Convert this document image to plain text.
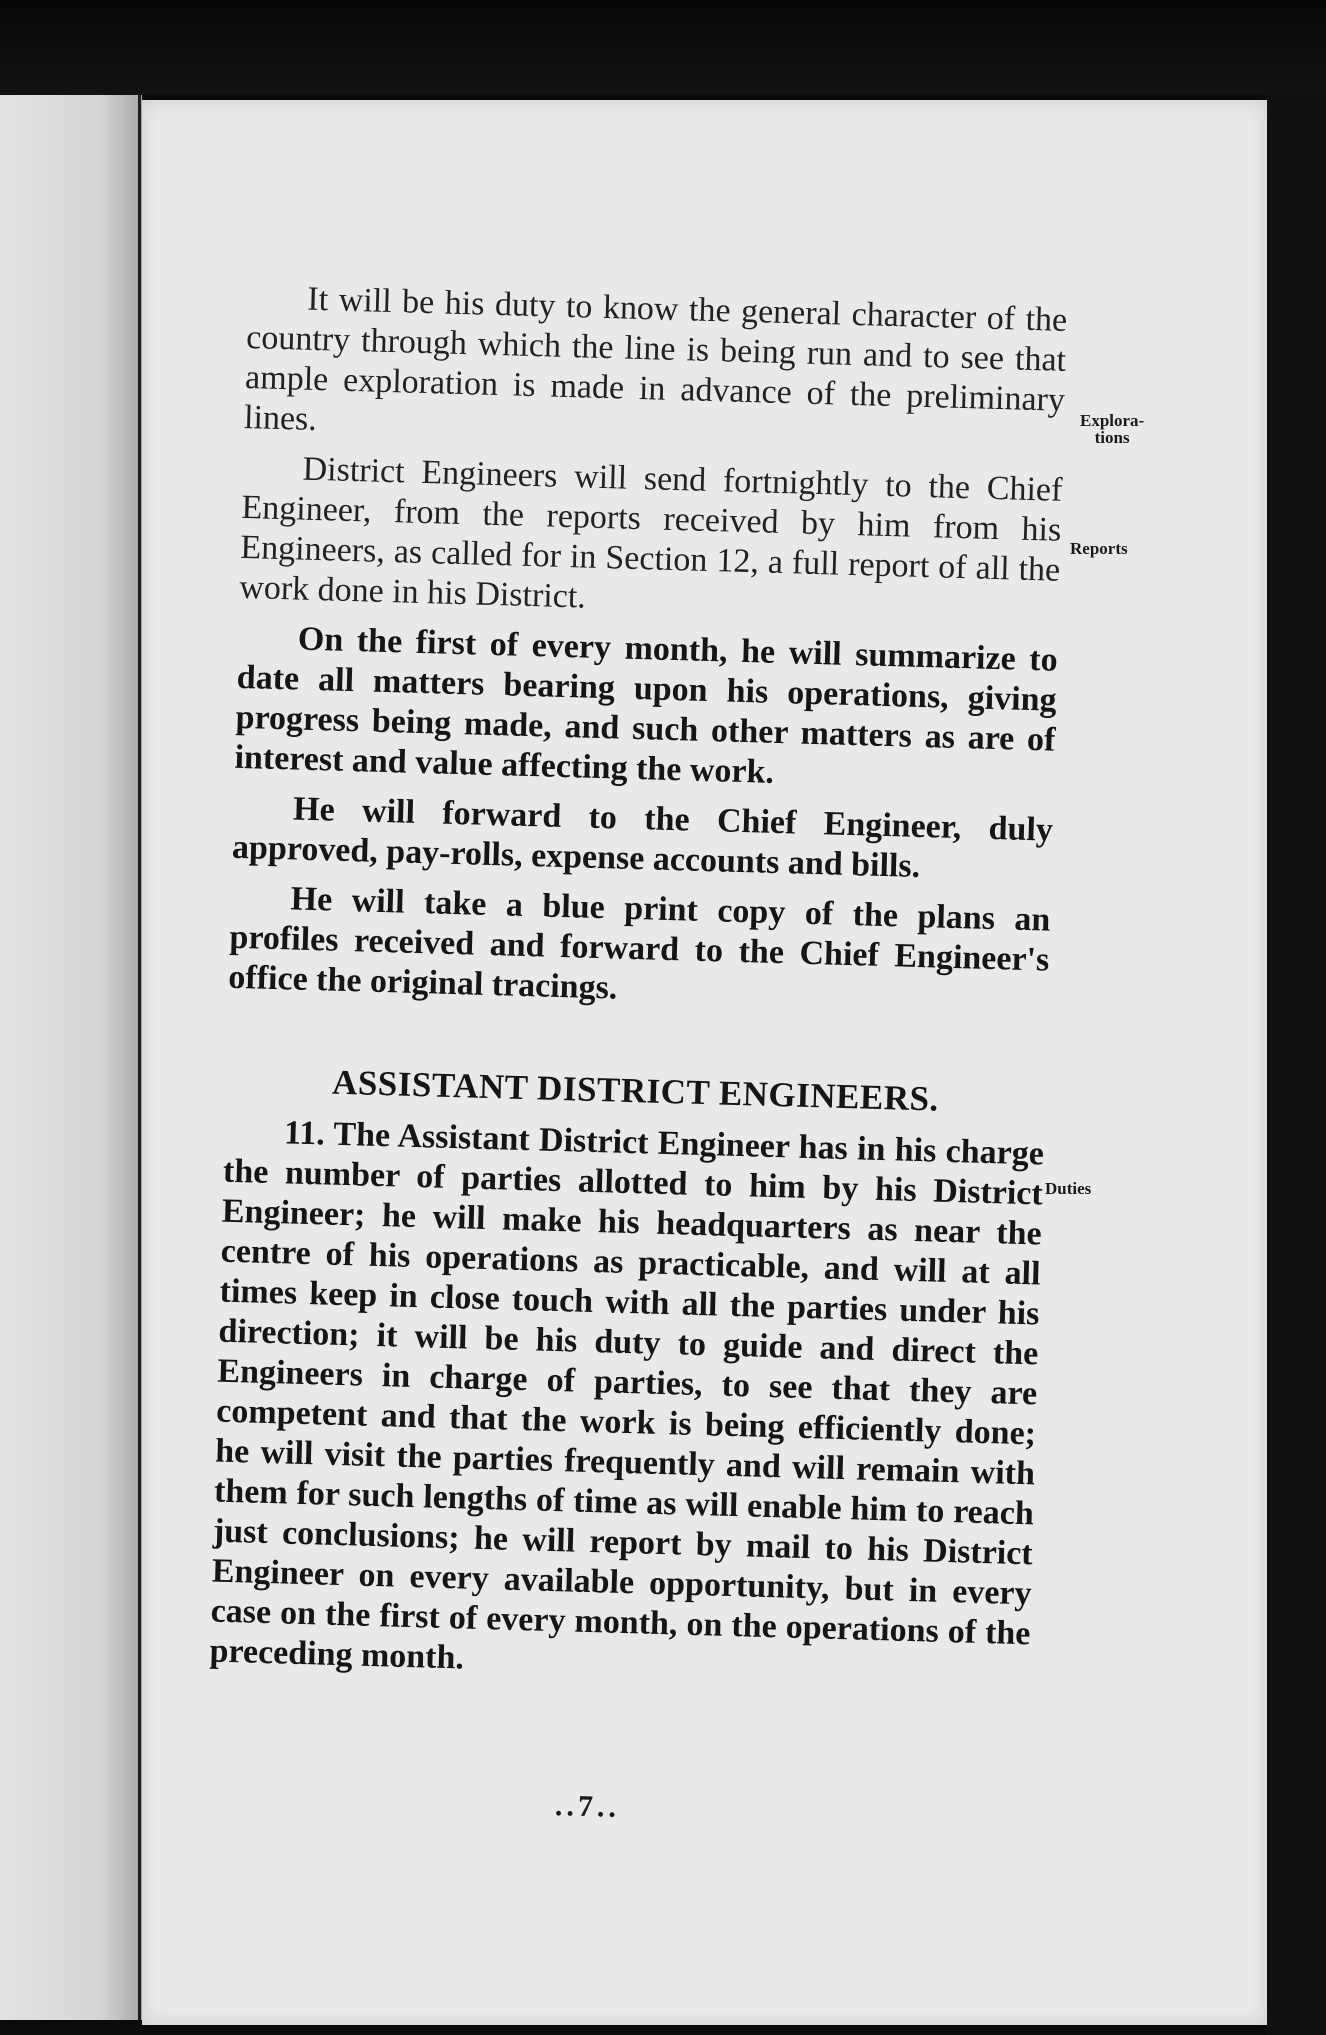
It will be his duty to know the general character of the country through which the line is being run and to see that ample exploration is made in advance of the preliminary lines.

District Engineers will send fortnightly to the Chief Engineer, from the reports received by him from his Engineers, as called for in Section 12, a full report of all the work done in his District.

On the first of every month, he will summarize to date all matters bearing upon his operations, giving progress being made, and such other matters as are of interest and value affecting the work.

He will forward to the Chief Engineer, duly approved, pay-rolls, expense accounts and bills.

He will take a blue print copy of the plans an profiles received and forward to the Chief Engineer's office the original tracings.

ASSISTANT DISTRICT ENGINEERS.

11. The Assistant District Engineer has in his charge the number of parties allotted to him by his District Engineer; he will make his headquarters as near the centre of his operations as practicable, and will at all times keep in close touch with all the parties under his direction; it will be his duty to guide and direct the Engineers in charge of parties, to see that they are competent and that the work is being efficiently done; he will visit the parties frequently and will remain with them for such lengths of time as will enable him to reach just conclusions; he will report by mail to his District Engineer on every available opportunity, but in every case on the first of every month, on the operations of the preceding month.

Explora-
tions
Reports
Duties
..7..
